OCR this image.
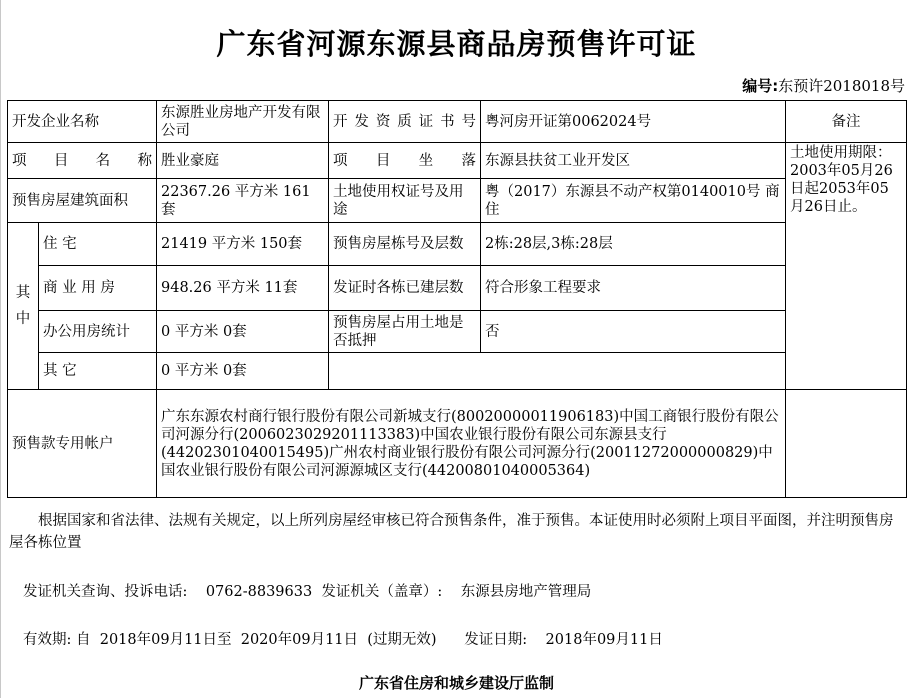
广东省河源东源县商品房预售许可证
编号:东预许2018018号
开发企业名称		东源胜业房地产开发有限公司	开 发 资 质 证 书 号	粤河房开证第0062024号	备注
项 目 名 称		胜业豪庭	项 目 坐 落	东源县扶贫工业开发区	土地使用期限：2003年05月26日起2053年05月26日止。
预售房屋建筑面积		22367.26 平方米 161套	土地使用权证号及用途	粤（2017）东源县不动产权第0140010号 商住	
其 中	住 宅	21419 平方米 150套	预售房屋栋号及层数	2栋:28层,3栋:28层	
	商 业 用 房	948.26 平方米 11套	发证时各栋已建层数	符合形象工程要求	
	办公用房统计	0 平方米 0套	预售房屋占用土地是否抵押	否	
	其 它	0 平方米 0套			
预售款专用帐户		广东东源农村商行银行股份有限公司新城支行(80020000011906183)中国工商银行股份有限公司河源分行(2006023029201113383)中国农业银行股份有限公司东源县支行(44202301040015495)广州农村商业银行股份有限公司河源分行(20011272000000829)中国农业银行股份有限公司河源源城区支行(44200801040005364)			
根据国家和省法律、法规有关规定，以上所列房屋经审核已符合预售条件，准于预售。本证使用时必须附上项目平面图，并注明预售房屋各栋位置
发证机关查询、投诉电话:    0762-8839633  发证机关（盖章）:    东源县房地产管理局
有效期: 自  2018年09月11日至  2020年09月11日  (过期无效)      发证日期:    2018年09月11日
广东省住房和城乡建设厅监制
